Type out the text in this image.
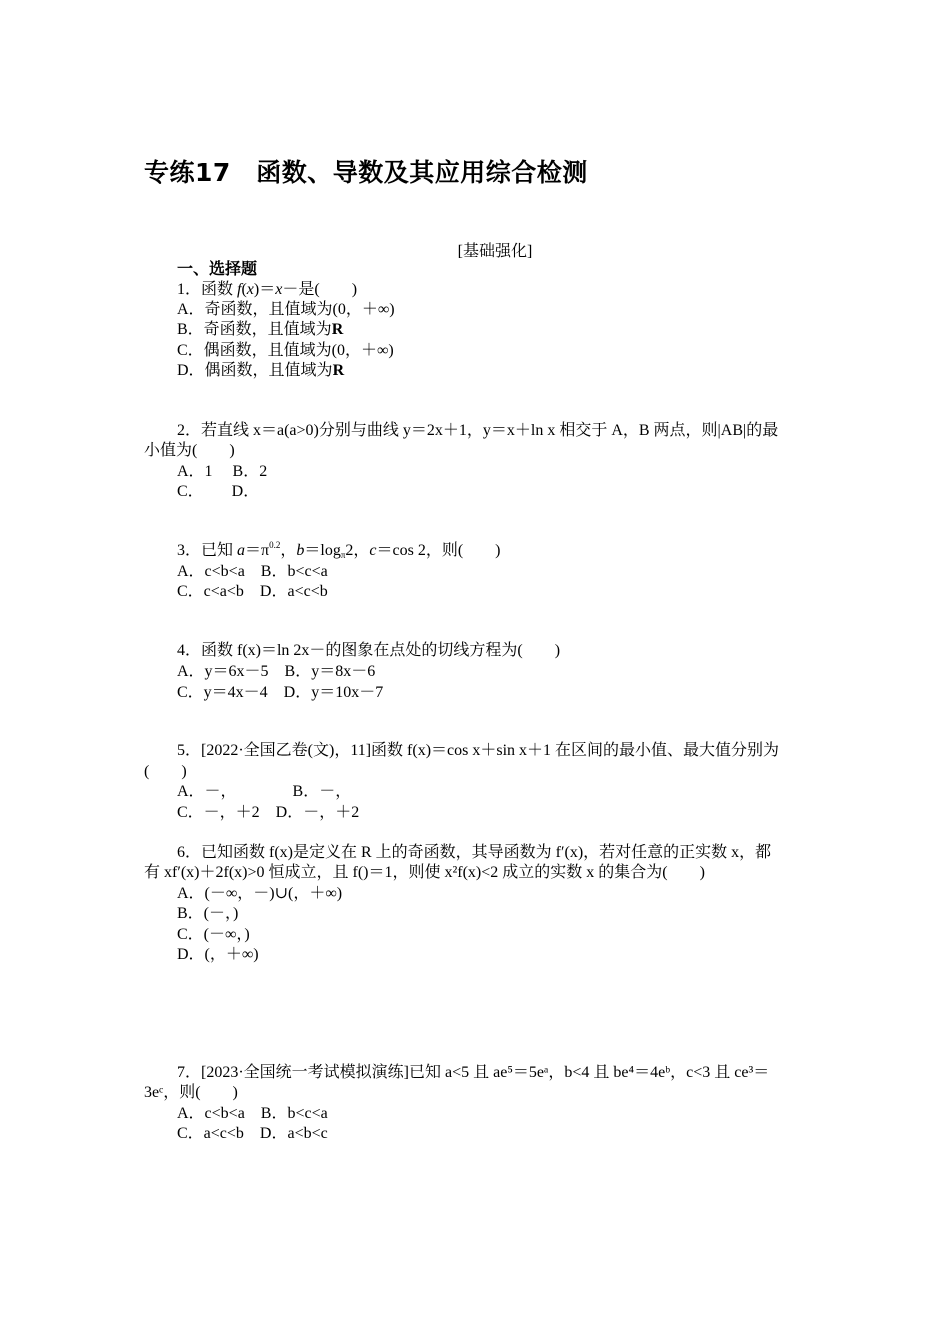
专练17　函数、导数及其应用综合检测
[基础强化]
一、选择题
1．函数 f(x)＝x－是(　　)
A．奇函数，且值域为(0，＋∞)
B．奇函数，且值域为R
C．偶函数，且值域为(0，＋∞)
D．偶函数，且值域为R
2．若直线 x＝a(a>0)分别与曲线 y＝2x＋1，y＝x＋ln x 相交于 A，B 两点，则|AB|的最
小值为(　　)
A．1　 B．2
C．　　 D．
3．已知 $a=\pi^{0.2}$，$b=\log_\pi 2$，c＝cos 2，则(　　)
A．c<b<a　B．b<c<a
C．c<a<b　D．a<c<b
4．函数 f(x)＝ln 2x－的图象在点处的切线方程为(　　)
A．y＝6x－5　B．y＝8x－6
C．y＝4x－4　D．y＝10x－7
5．[2022·全国乙卷(文)，11]函数 f(x)＝cos x＋sin x＋1 在区间的最小值、最大值分别为
(　　)
A．－，　　　　B．－，
C．－，＋2　D．－，＋2
6．已知函数 f(x)是定义在 R 上的奇函数，其导函数为 f′(x)，若对任意的正实数 x，都
有 xf′(x)＋2f(x)>0 恒成立，且 f()＝1，则使 x²f(x)<2 成立的实数 x 的集合为(　　)
A．(－∞，－)∪(，＋∞)
B．(－，)
C．(－∞，)
D．(，＋∞)
7．[2023·全国统一考试模拟演练]已知 a<5 且 ae⁵＝5eᵃ，b<4 且 be⁴＝4eᵇ，c<3 且 ce³＝
3eᶜ，则(　　)
A．c<b<a　B．b<c<a
C．a<c<b　D．a<b<c
